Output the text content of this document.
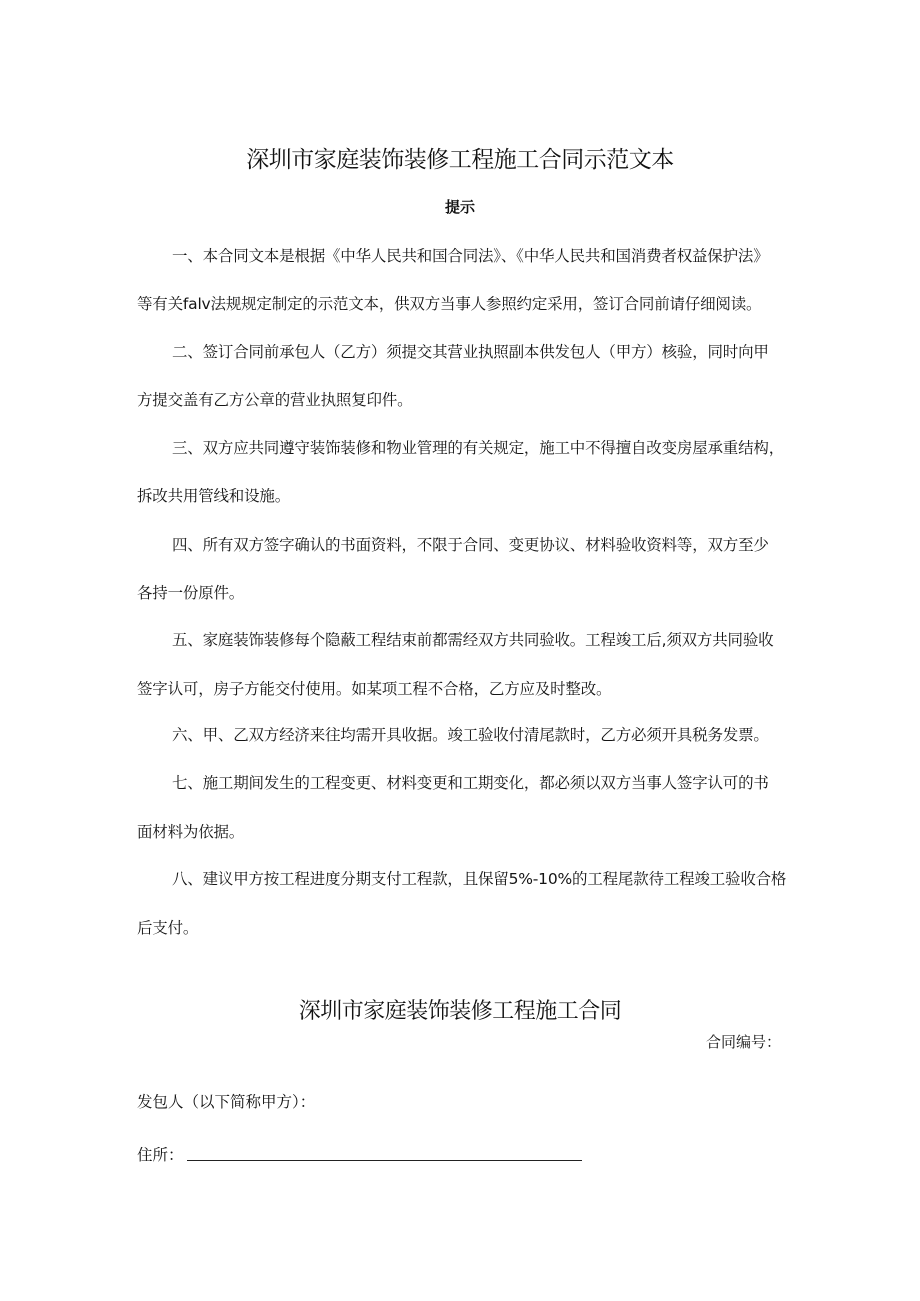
深圳市家庭装饰装修工程施工合同示范文本
提示
一、本合同文本是根据《中华人民共和国合同法》、《中华人民共和国消费者权益保护法》
等有关falv法规规定制定的示范文本，供双方当事人参照约定采用，签订合同前请仔细阅读。
二、签订合同前承包人（乙方）须提交其营业执照副本供发包人（甲方）核验，同时向甲
方提交盖有乙方公章的营业执照复印件。
三、双方应共同遵守装饰装修和物业管理的有关规定，施工中不得擅自改变房屋承重结构，
拆改共用管线和设施。
四、所有双方签字确认的书面资料，不限于合同、变更协议、材料验收资料等，双方至少
各持一份原件。
五、家庭装饰装修每个隐蔽工程结束前都需经双方共同验收。工程竣工后,须双方共同验收
签字认可，房子方能交付使用。如某项工程不合格，乙方应及时整改。
六、甲、乙双方经济来往均需开具收据。竣工验收付清尾款时，乙方必须开具税务发票。
七、施工期间发生的工程变更、材料变更和工期变化，都必须以双方当事人签字认可的书
面材料为依据。
八、建议甲方按工程进度分期支付工程款，且保留5%-10%的工程尾款待工程竣工验收合格
后支付。
深圳市家庭装饰装修工程施工合同
合同编号：
发包人（以下简称甲方）：
住所：
